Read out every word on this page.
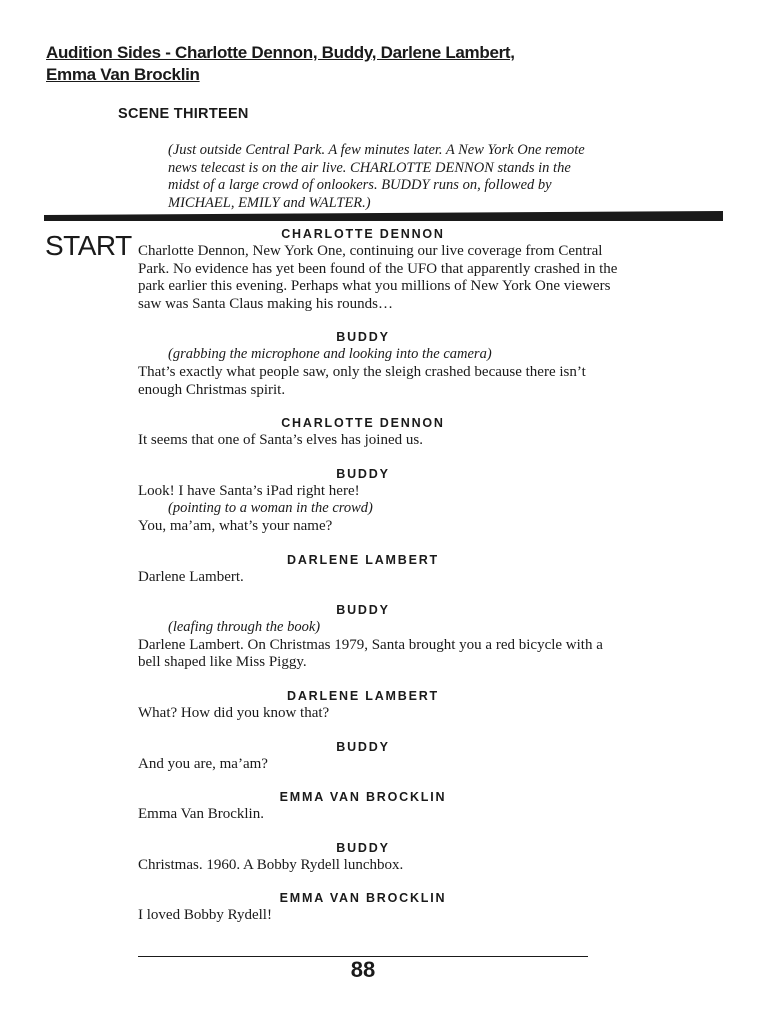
Audition Sides - Charlotte Dennon, Buddy, Darlene Lambert,
Emma Van Brocklin
SCENE THIRTEEN
(Just outside Central Park. A few minutes later. A New York One remote news telecast is on the air live. CHARLOTTE DENNON stands in the midst of a large crowd of onlookers. BUDDY runs on, followed by MICHAEL, EMILY and WALTER.)
START	CHARLOTTE DENNON
Charlotte Dennon, New York One, continuing our live coverage from Central Park. No evidence has yet been found of the UFO that apparently crashed in the park earlier this evening. Perhaps what you millions of New York One viewers saw was Santa Claus making his rounds…
BUDDY
(grabbing the microphone and looking into the camera)
That’s exactly what people saw, only the sleigh crashed because there isn’t enough Christmas spirit.
CHARLOTTE DENNON
It seems that one of Santa’s elves has joined us.
BUDDY
Look! I have Santa’s iPad right here!
(pointing to a woman in the crowd)
You, ma’am, what’s your name?
DARLENE LAMBERT
Darlene Lambert.
BUDDY
(leafing through the book)
Darlene Lambert. On Christmas 1979, Santa brought you a red bicycle with a bell shaped like Miss Piggy.
DARLENE LAMBERT
What? How did you know that?
BUDDY
And you are, ma’am?
EMMA VAN BROCKLIN
Emma Van Brocklin.
BUDDY
Christmas. 1960. A Bobby Rydell lunchbox.
EMMA VAN BROCKLIN
I loved Bobby Rydell!
88
